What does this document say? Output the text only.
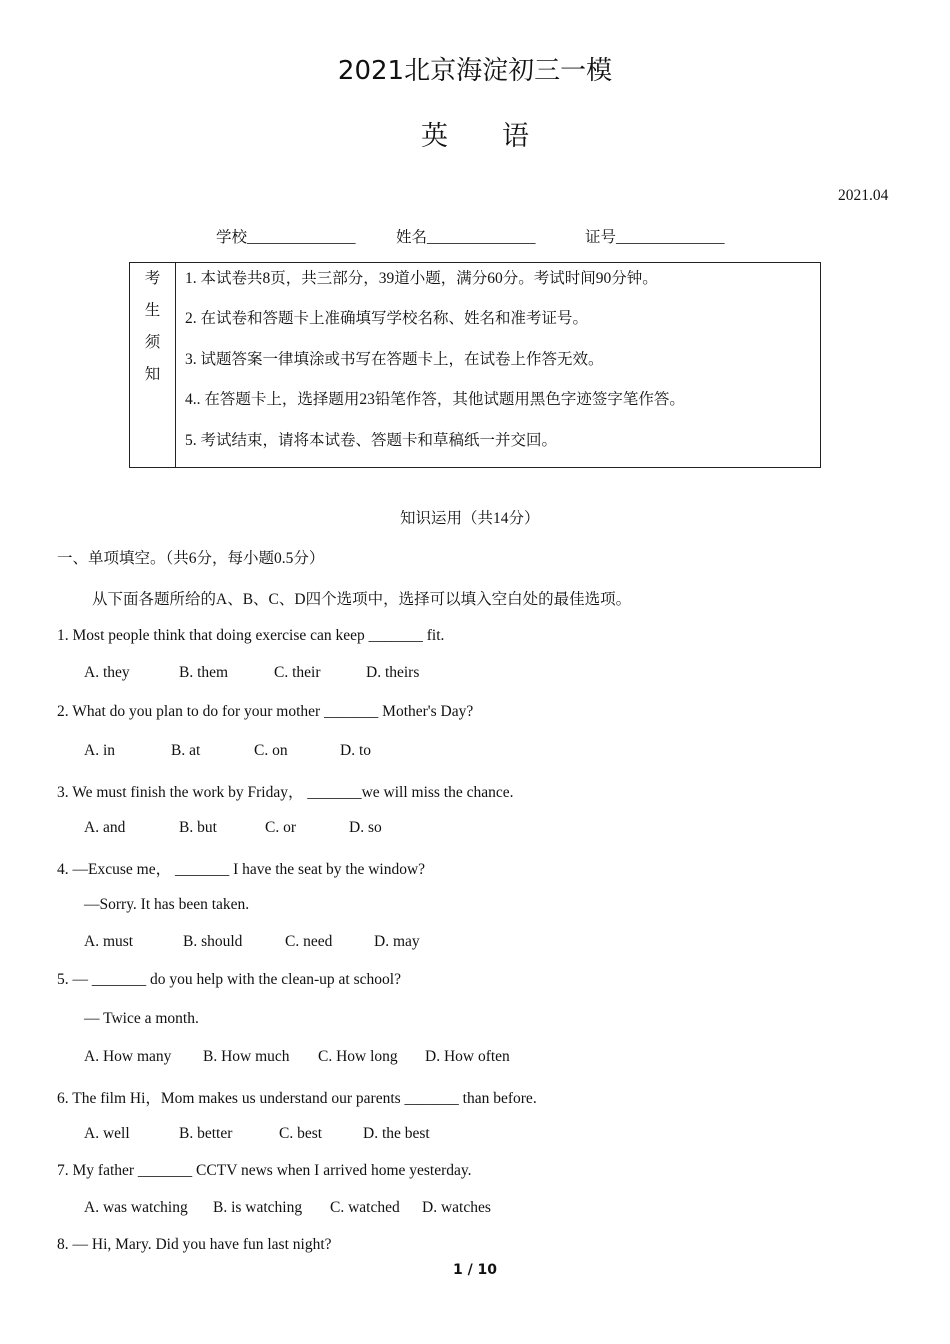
2021北京海淀初三一模
英　　语
2021.04
学校______________	姓名______________	证号______________
考
生
须
知
1. 本试卷共8页，共三部分，39道小题，满分60分。考试时间90分钟。
2. 在试卷和答题卡上准确填写学校名称、姓名和准考证号。
3. 试题答案一律填涂或书写在答题卡上，在试卷上作答无效。
4.. 在答题卡上，选择题用23铅笔作答，其他试题用黑色字迹签字笔作答。
5. 考试结束，请将本试卷、答题卡和草稿纸一并交回。
知识运用（共14分）
一、单项填空。（共6分，每小题0.5分）
从下面各题所给的A、B、C、D四个选项中，选择可以填入空白处的最佳选项。
1. Most people think that doing exercise can keep _______ fit.
A. they	B. them	C. their	D. theirs
2. What do you plan to do for your mother _______ Mother's Day?
A. in	B. at	C. on	D. to
3. We must finish the work by Friday， _______we will miss the chance.
A. and	B. but	C. or	D. so
4. —Excuse me， _______ I have the seat by the window?
—Sorry. It has been taken.
A. must	B. should	C. need	D. may
5. — _______ do you help with the clean-up at school?
— Twice a month.
A. How many B. How much C. How long D. How often
6. The film Hi，Mom makes us understand our parents _______ than before.
A. well	B. better	C. best	D. the best
7. My father _______ CCTV news when I arrived home yesterday.
A. was watching B. is watching C. watched D. watches
8. — Hi, Mary. Did you have fun last night?
1 / 10
